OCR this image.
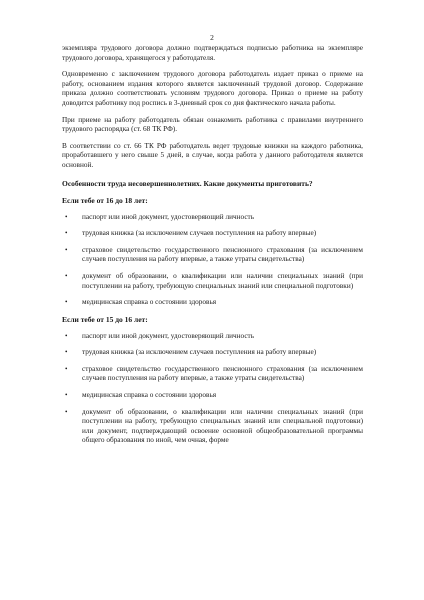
2

экземпляра трудового договора должно подтверждаться подписью работника на экземпляре трудового договора, хранящегося у работодателя.

Одновременно с заключением трудового договора работодатель издает приказ о приеме на работу, основанием издания которого является заключенный трудовой договор. Содержание приказа должно соответствовать условиям трудового договора. Приказ о приеме на работу доводится работнику под роспись в 3-дневный срок со дня фактического начала работы.

При приеме на работу работодатель обязан ознакомить работника с правилами внутреннего трудового распорядка (ст. 68 ТК РФ).

В соответствии со ст. 66 ТК РФ работодатель ведет трудовые книжки на каждого работника, проработавшего у него свыше 5 дней, в случае, когда работа у данного работодателя является основной.

Особенности труда несовершеннолетних. Какие документы приготовить?

Если тебе от 16 до 18 лет:

• паспорт или иной документ, удостоверяющий личность
• трудовая книжка (за исключением случаев поступления на работу впервые)
• страховое свидетельство государственного пенсионного страхования (за исключением случаев поступления на работу впервые, а также утраты свидетельства)
• документ об образовании, о квалификации или наличии специальных знаний (при поступлении на работу, требующую специальных знаний или специальной подготовки)
• медицинская справка о состоянии здоровья

Если тебе от 15 до 16 лет:

• паспорт или иной документ, удостоверяющий личность
• трудовая книжка (за исключением случаев поступления на работу впервые)
• страховое свидетельство государственного пенсионного страхования (за исключением случаев поступления на работу впервые, а также утраты свидетельства)
• медицинская справка о состоянии здоровья
• документ об образовании, о квалификации или наличии специальных знаний (при поступлении на работу, требующую специальных знаний или специальной подготовки) или документ, подтверждающий освоение основной общеобразовательной программы общего образования по иной, чем очная, форме
